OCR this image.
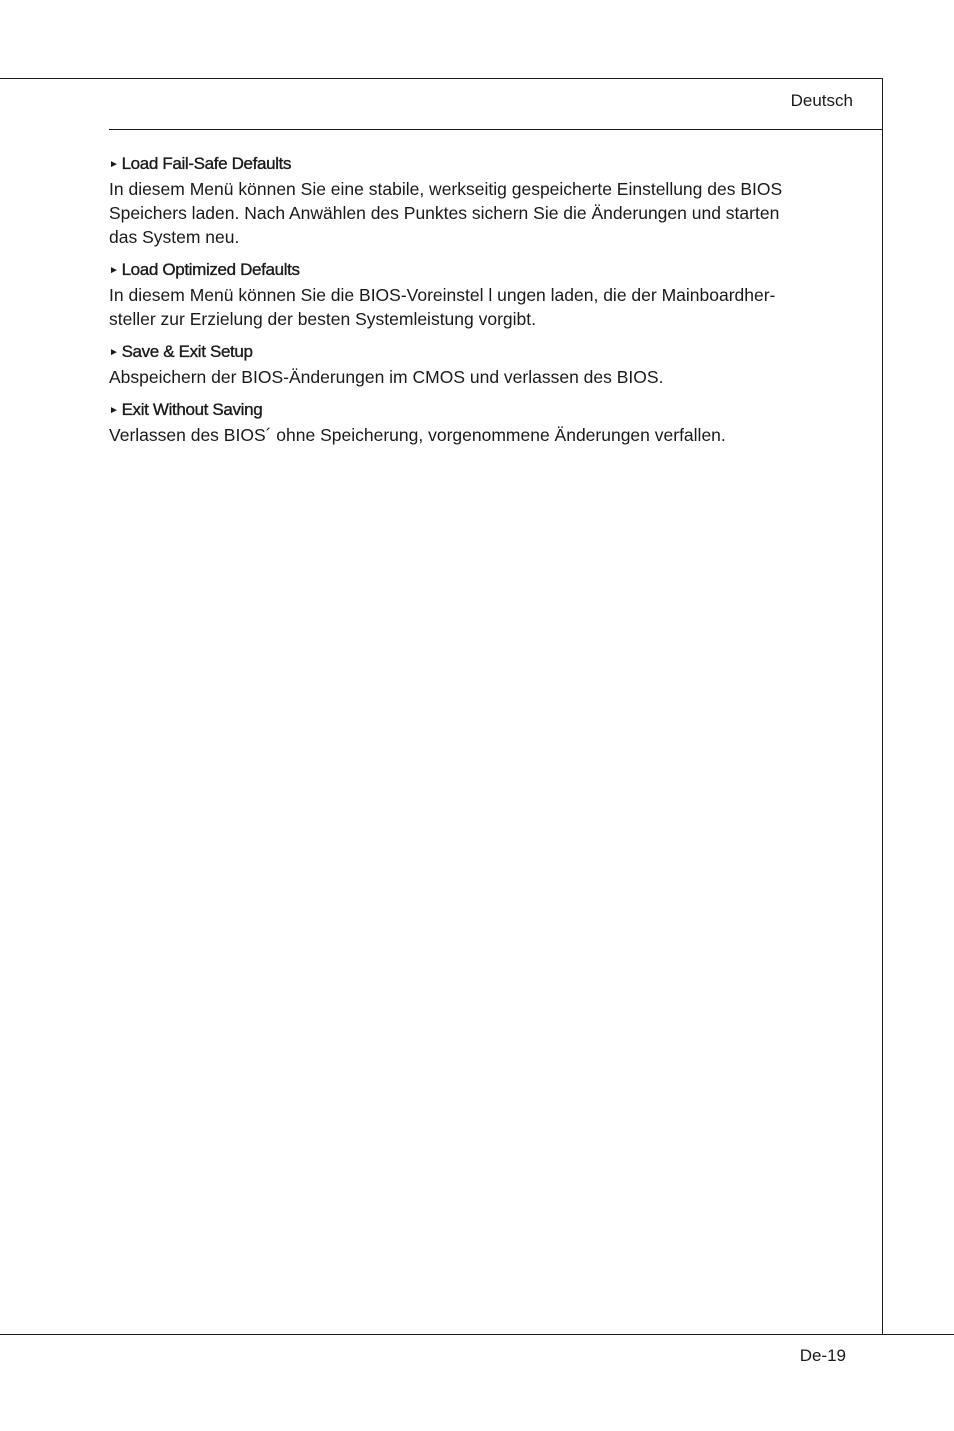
Deutsch
► Load Fail-Safe Defaults
In diesem Menü können Sie eine stabile, werkseitig gespeicherte Einstellung des BIOS
Speichers laden. Nach Anwählen des Punktes sichern Sie die Änderungen und starten
das System neu.
► Load Optimized Defaults
In diesem Menü können Sie die BIOS-Voreinstel l ungen laden, die der Mainboardher-
steller zur Erzielung der besten Systemleistung vorgibt.
► Save & Exit Setup
Abspeichern der BIOS-Änderungen im CMOS und verlassen des BIOS.
► Exit Without Saving
Verlassen des BIOS´ ohne Speicherung, vorgenommene Änderungen verfallen.
De-19
